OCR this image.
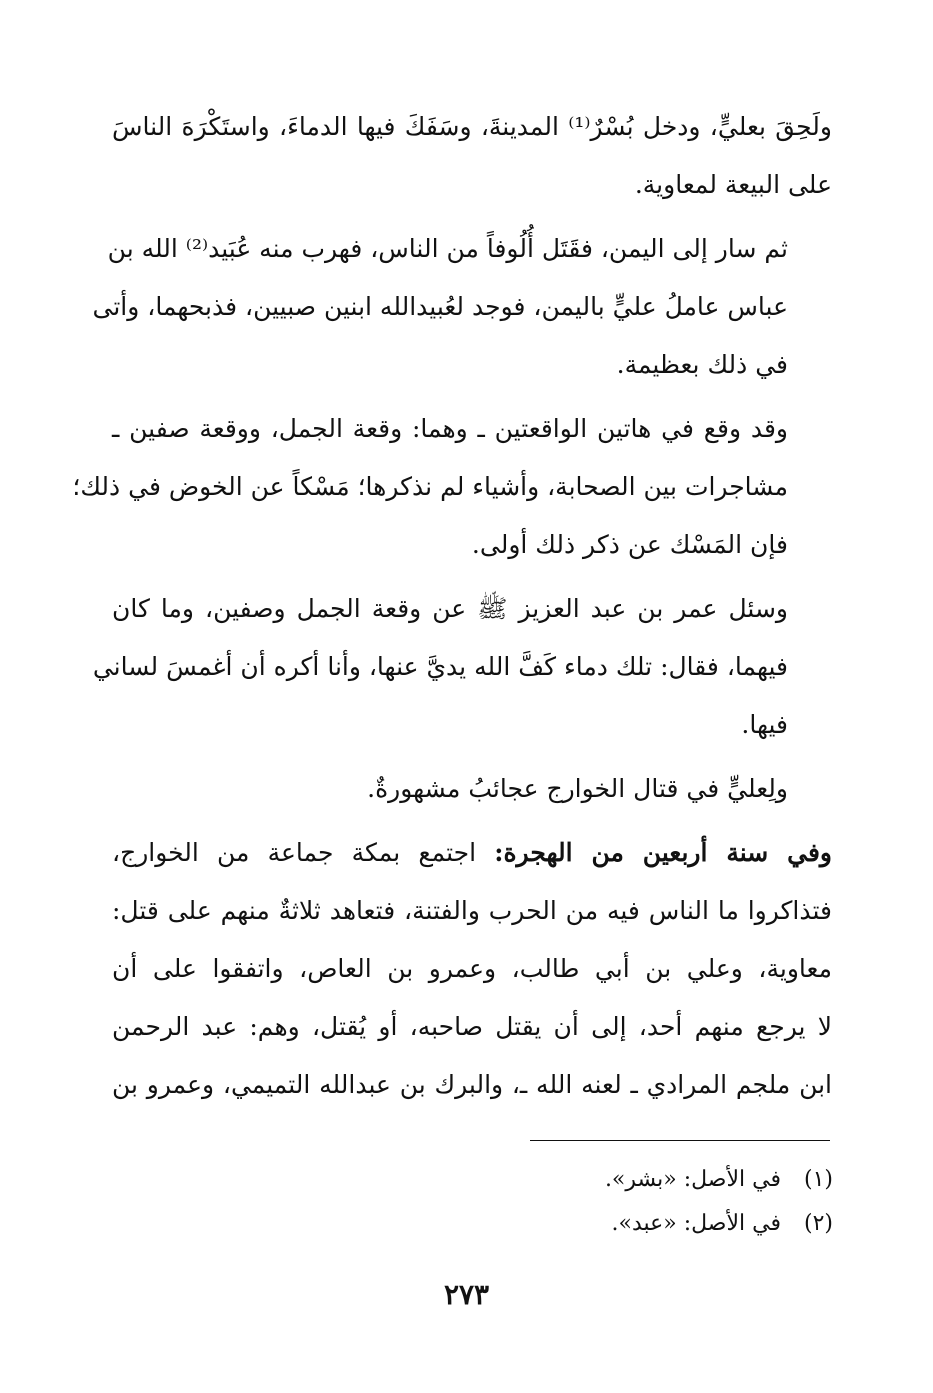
ولَحِقَ بعليٍّ، ودخل بُسْرٌ⁽¹⁾ المدينةَ، وسَفَكَ فيها الدماءَ، واستَكْرَهَ الناسَ
على البيعة لمعاوية.

ثم سار إلى اليمن، فقَتَل أُلُوفاً من الناس، فهرب منه عُبَيد⁽²⁾ الله بن
عباس عاملُ عليٍّ باليمن، فوجد لعُبيدالله ابنين صبيين، فذبحهما، وأتى
في ذلك بعظيمة.

وقد وقع في هاتين الواقعتين ـ وهما: وقعة الجمل، ووقعة صفين ـ
مشاجرات بين الصحابة، وأشياء لم نذكرها؛ مَسْكاً عن الخوض في ذلك؛
فإن المَسْك عن ذكر ذلك أولى.

وسئل عمر بن عبد العزيز ﷺ عن وقعة الجمل وصفين، وما كان
فيهما، فقال: تلك دماء كَفَّ الله يديَّ عنها، وأنا أكره أن أغمسَ لساني
فيها.

ولِعليٍّ في قتال الخوارج عجائبُ مشهورةٌ.

وفي سنة أربعين من الهجرة: اجتمع بمكة جماعة من الخوارج،
فتذاكروا ما الناس فيه من الحرب والفتنة، فتعاهد ثلاثةٌ منهم على قتل:
معاوية، وعلي بن أبي طالب، وعمرو بن العاص، واتفقوا على أن
لا يرجع منهم أحد، إلى أن يقتل صاحبه، أو يُقتل، وهم: عبد الرحمن
ابن ملجم المرادي ـ لعنه الله ـ، والبرك بن عبدالله التميمي، وعمرو بن

(١)في الأصل: «بشر».
(٢)في الأصل: «عبد».
٢٧٣
